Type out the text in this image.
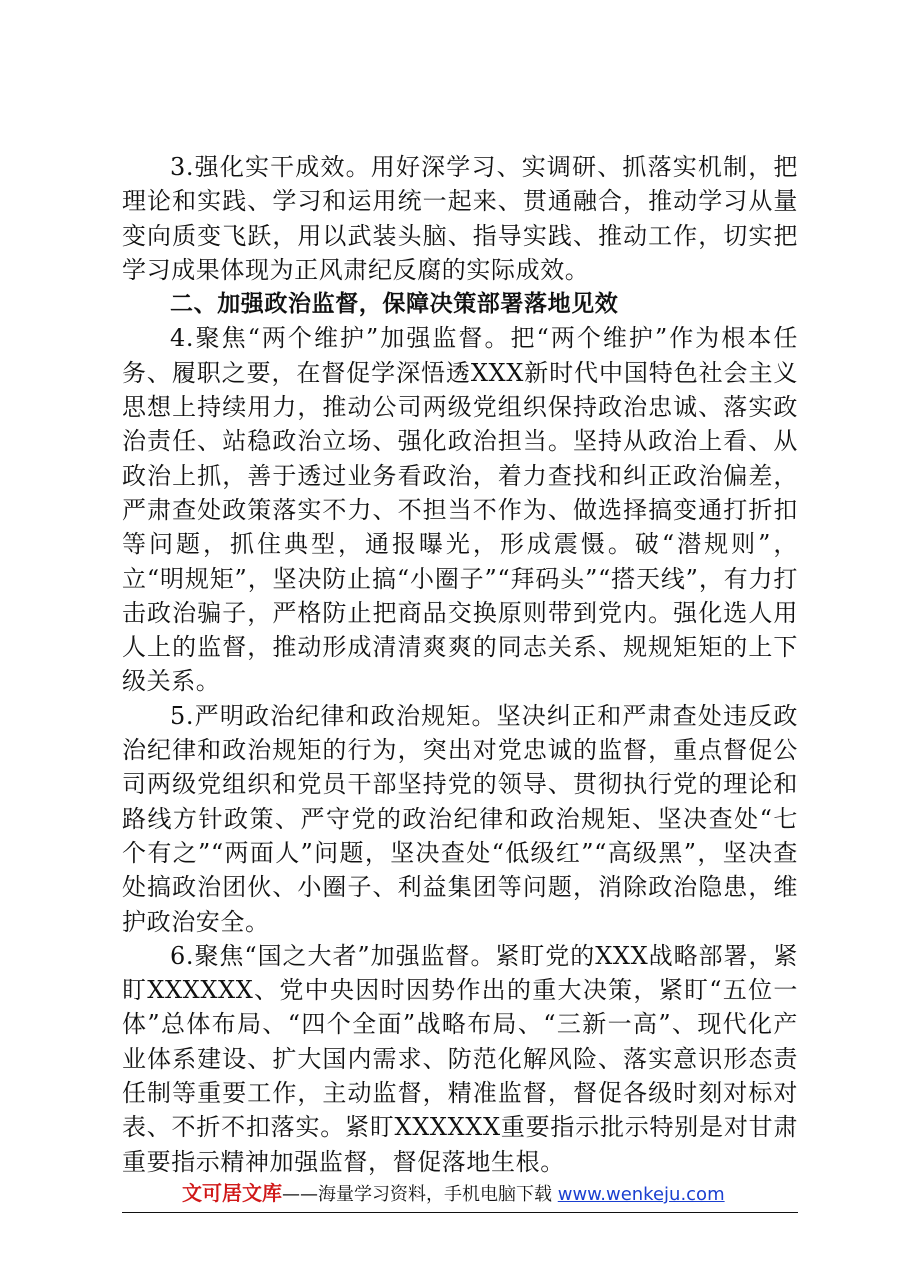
3.强化实干成效。用好深学习、实调研、抓落实机制，把理论和实践、学习和运用统一起来、贯通融合，推动学习从量变向质变飞跃，用以武装头脑、指导实践、推动工作，切实把学习成果体现为正风肃纪反腐的实际成效。

二、加强政治监督，保障决策部署落地见效

4.聚焦“两个维护”加强监督。把“两个维护”作为根本任务、履职之要，在督促学深悟透XXX新时代中国特色社会主义思想上持续用力，推动公司两级党组织保持政治忠诚、落实政治责任、站稳政治立场、强化政治担当。坚持从政治上看、从政治上抓，善于透过业务看政治，着力查找和纠正政治偏差，严肃查处政策落实不力、不担当不作为、做选择搞变通打折扣等问题，抓住典型，通报曝光，形成震慑。破“潜规则”，立“明规矩”，坚决防止搞“小圈子”“拜码头”“搭天线”，有力打击政治骗子，严格防止把商品交换原则带到党内。强化选人用人上的监督，推动形成清清爽爽的同志关系、规规矩矩的上下级关系。

5.严明政治纪律和政治规矩。坚决纠正和严肃查处违反政治纪律和政治规矩的行为，突出对党忠诚的监督，重点督促公司两级党组织和党员干部坚持党的领导、贯彻执行党的理论和路线方针政策、严守党的政治纪律和政治规矩、坚决查处“七个有之”“两面人”问题，坚决查处“低级红”“高级黑”，坚决查处搞政治团伙、小圈子、利益集团等问题，消除政治隐患，维护政治安全。

6.聚焦“国之大者”加强监督。紧盯党的XXX战略部署，紧盯XXXXXX、党中央因时因势作出的重大决策，紧盯“五位一体”总体布局、“四个全面”战略布局、“三新一高”、现代化产业体系建设、扩大国内需求、防范化解风险、落实意识形态责任制等重要工作，主动监督，精准监督，督促各级时刻对标对表、不折不扣落实。紧盯XXXXXX重要指示批示特别是对甘肃重要指示精神加强监督，督促落地生根。

文可居文库——海量学习资料，手机电脑下载 www.wenkeju.com
